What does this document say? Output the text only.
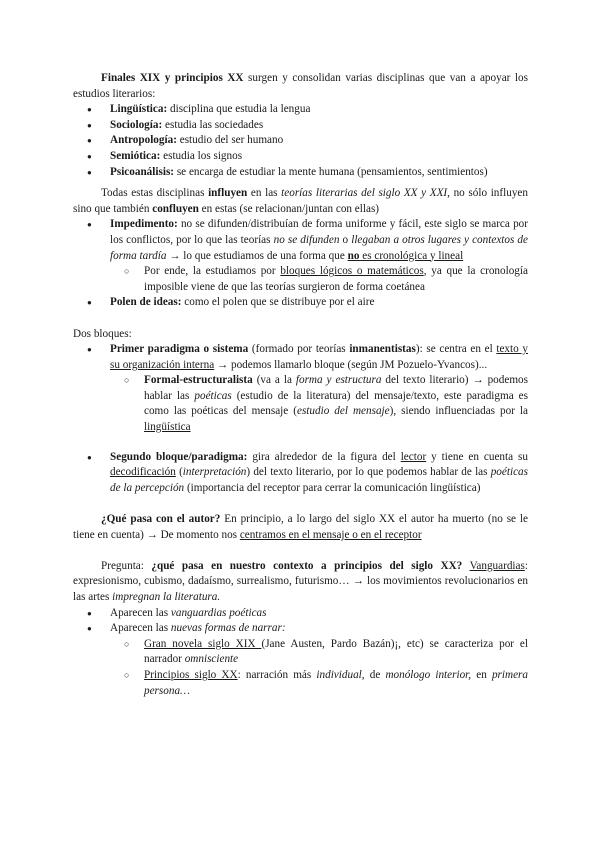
Finales XIX y principios XX surgen y consolidan varias disciplinas que van a apoyar los estudios literarios:

● Lingüística: disciplina que estudia la lengua
● Sociología: estudia las sociedades
● Antropología: estudio del ser humano
● Semiótica: estudia los signos
● Psicoanálisis: se encarga de estudiar la mente humana (pensamientos, sentimientos)

Todas estas disciplinas influyen en las teorías literarias del siglo XX y XXI, no sólo influyen sino que también confluyen en estas (se relacionan/juntan con ellas)

● Impedimento: no se difunden/distribuían de forma uniforme y fácil, este siglo se marca por los conflictos, por lo que las teorías no se difunden o llegaban a otros lugares y contextos de forma tardía → lo que estudiamos de una forma que no es cronológica y lineal
○ Por ende, la estudiamos por bloques lógicos o matemáticos, ya que la cronología imposible viene de que las teorías surgieron de forma coetánea
● Polen de ideas: como el polen que se distribuye por el aire

Dos bloques:

● Primer paradigma o sistema (formado por teorías inmanentistas): se centra en el texto y su organización interna → podemos llamarlo bloque (según JM Pozuelo-Yvancos)...
○ Formal-estructuralista (va a la forma y estructura del texto literario) → podemos hablar las poéticas (estudio de la literatura) del mensaje/texto, este paradigma es como las poéticas del mensaje (estudio del mensaje), siendo influenciadas por la lingüística
● Segundo bloque/paradigma: gira alrededor de la figura del lector y tiene en cuenta su decodificación (interpretación) del texto literario, por lo que podemos hablar de las poéticas de la percepción (importancia del receptor para cerrar la comunicación lingüística)

¿Qué pasa con el autor? En principio, a lo largo del siglo XX el autor ha muerto (no se le tiene en cuenta) → De momento nos centramos en el mensaje o en el receptor

Pregunta: ¿qué pasa en nuestro contexto a principios del siglo XX? Vanguardias: expresionismo, cubismo, dadaísmo, surrealismo, futurismo… → los movimientos revolucionarios en las artes impregnan la literatura.

● Aparecen las vanguardias poéticas
● Aparecen las nuevas formas de narrar:
○ Gran novela siglo XIX (Jane Austen, Pardo Bazán)¡, etc) se caracteriza por el narrador omnisciente
○ Principios siglo XX: narración más individual, de monólogo interior, en primera persona…
